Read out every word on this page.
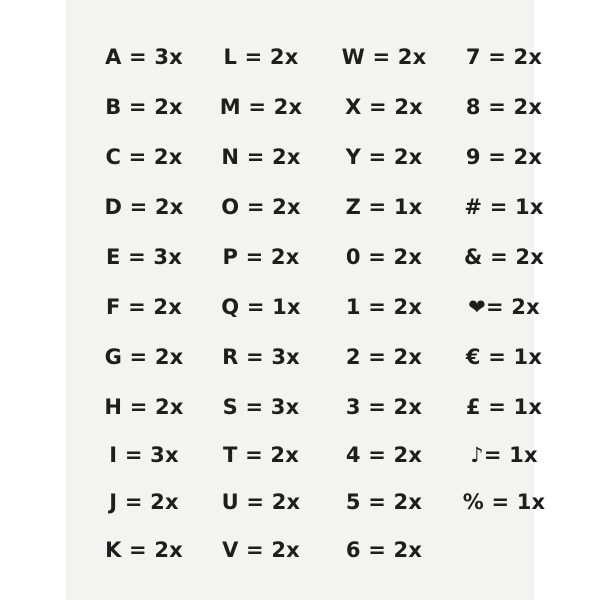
A = 3x
B = 2x
C = 2x
D = 2x
E = 3x
F = 2x
G = 2x
H = 2x
I = 3x
J = 2x
K = 2x
L = 2x
M = 2x
N = 2x
O = 2x
P = 2x
Q = 1x
R = 3x
S = 3x
T = 2x
U = 2x
V = 2x
W = 2x
X = 2x
Y = 2x
Z = 1x
0 = 2x
1 = 2x
2 = 2x
3 = 2x
4 = 2x
5 = 2x
6 = 2x
7 = 2x
8 = 2x
9 = 2x
# = 1x
& = 2x
❤= 2x
€ = 1x
£ = 1x
♪= 1x
% = 1x
